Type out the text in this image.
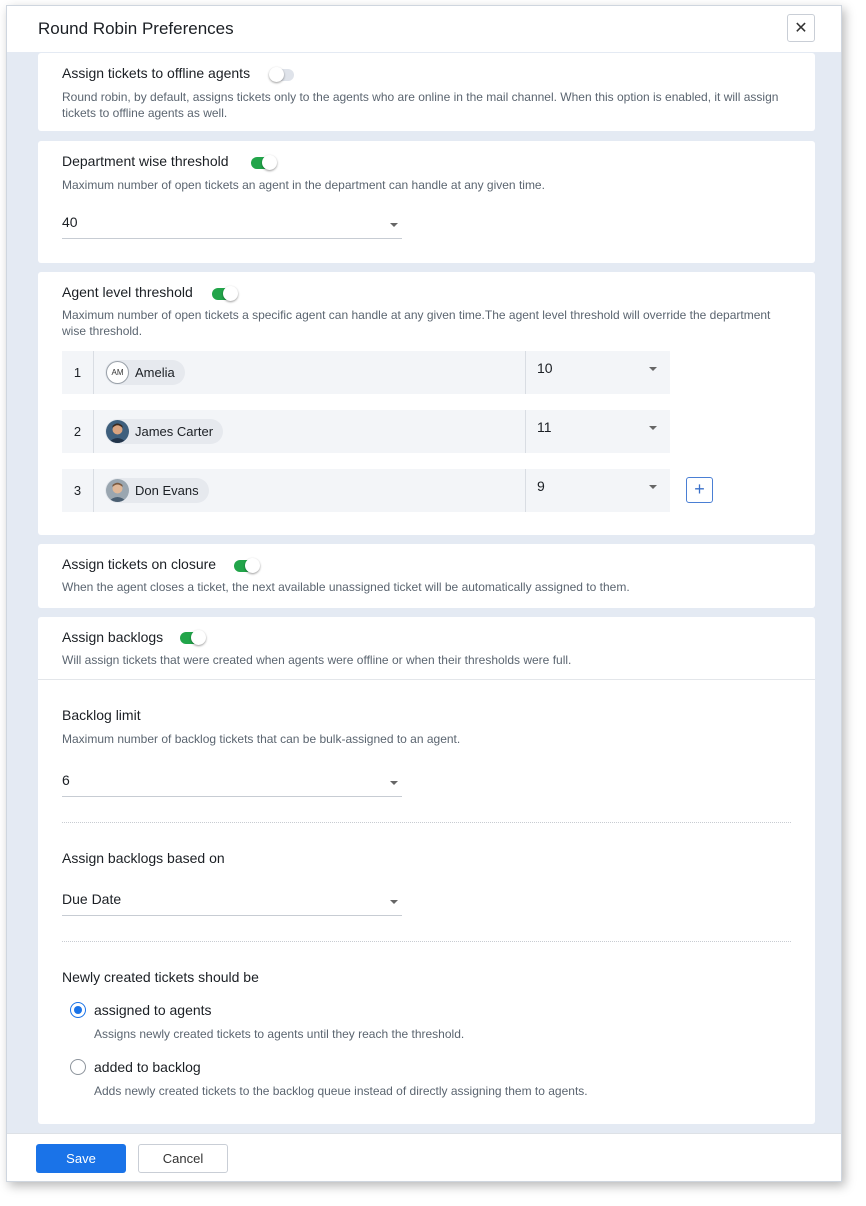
Round Robin Preferences	✕
Assign tickets to offline agents
Round robin, by default, assigns tickets only to the agents who are online in the mail channel. When this option is enabled, it will assign tickets to offline agents as well.
Department wise threshold
Maximum number of open tickets an agent in the department can handle at any given time.
40
Agent level threshold
Maximum number of open tickets a specific agent can handle at any given time.The agent level threshold will override the department wise threshold.
1	AM Amelia	10
2	James Carter	11
3	Don Evans	9	+
Assign tickets on closure
When the agent closes a ticket, the next available unassigned ticket will be automatically assigned to them.
Assign backlogs
Will assign tickets that were created when agents were offline or when their thresholds were full.
Backlog limit
Maximum number of backlog tickets that can be bulk-assigned to an agent.
6
Assign backlogs based on
Due Date
Newly created tickets should be
assigned to agents
Assigns newly created tickets to agents until they reach the threshold.
added to backlog
Adds newly created tickets to the backlog queue instead of directly assigning them to agents.
Save	Cancel
